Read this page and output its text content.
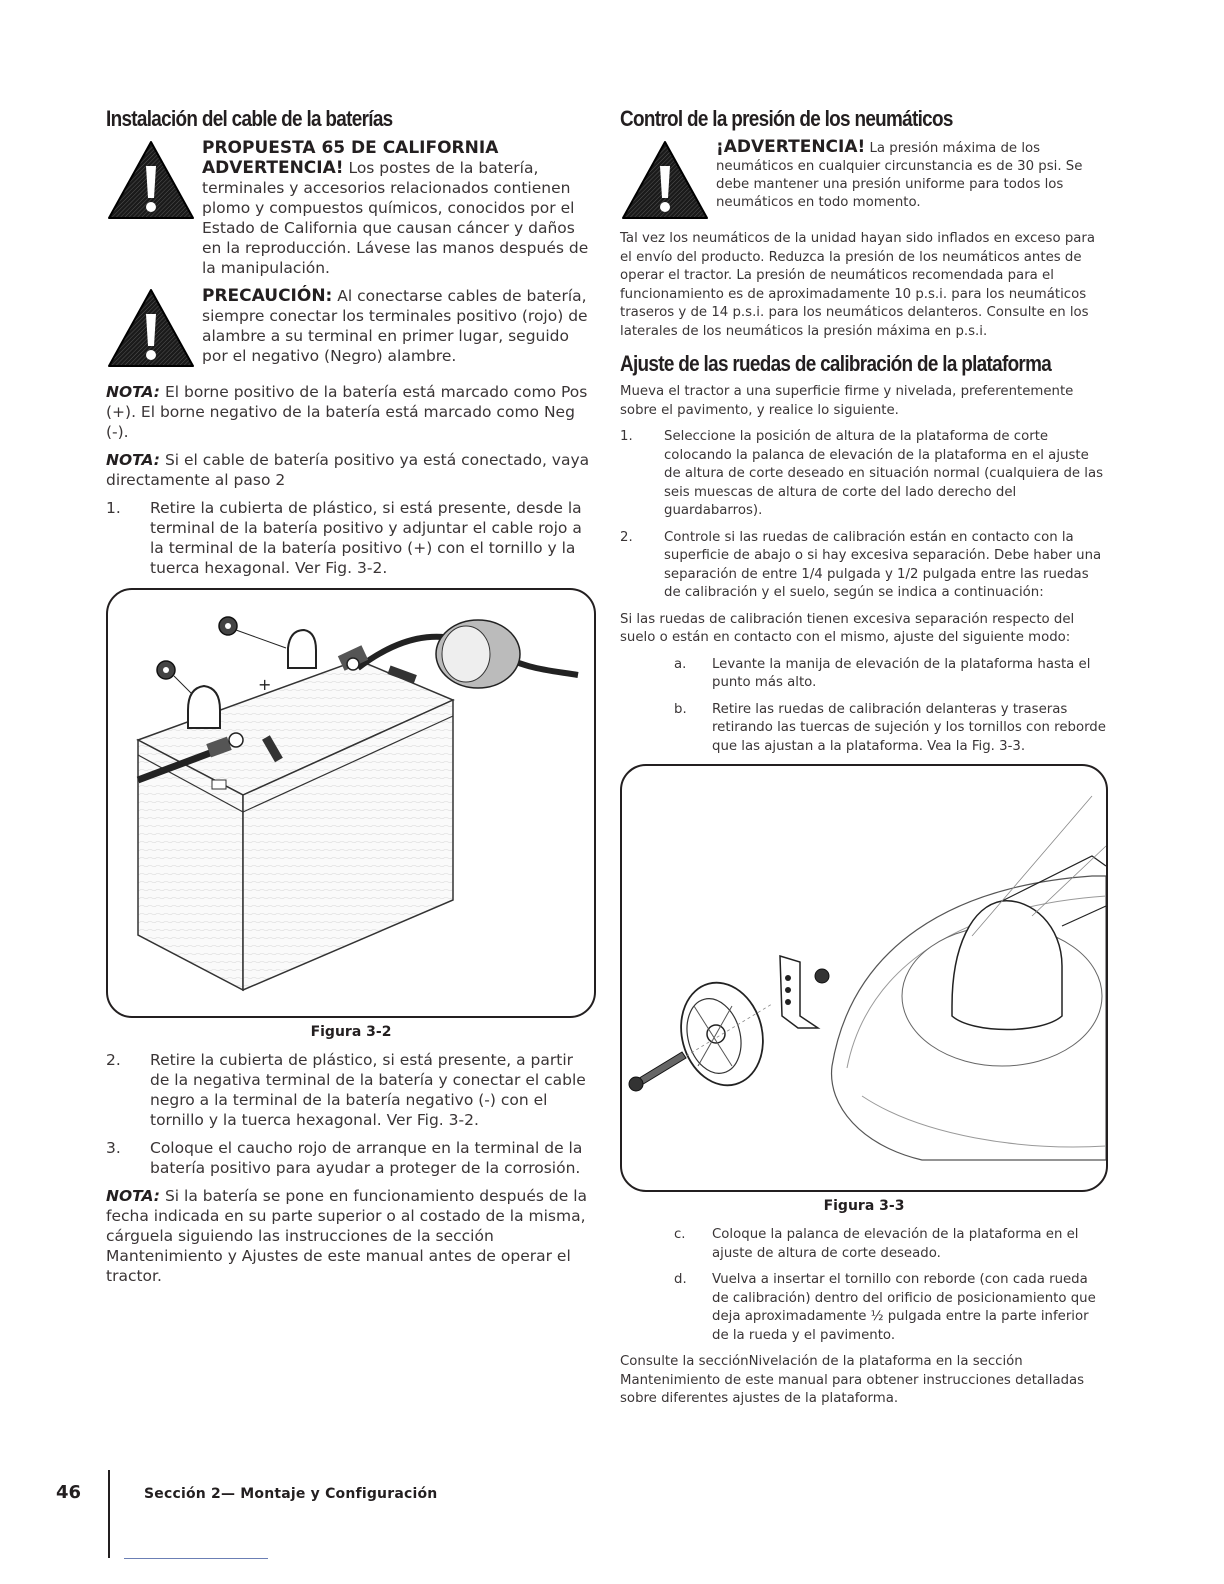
Instalación del cable de la baterías
PROPUESTA 65 DE CALIFORNIA
ADVERTENCIA! Los postes de la batería, terminales y accesorios relacionados contienen plomo y compuestos químicos, conocidos por el Estado de California que causan cáncer y daños en la reproducción. Lávese las manos después de la manipulación.
PRECAUCIÓN: Al conectarse cables de batería, siempre conectar los terminales positivo (rojo) de alambre a su terminal en primer lugar, seguido por el negativo (Negro) alambre.

NOTA: El borne positivo de la batería está marcado como Pos (+). El borne negativo de la batería está marcado como Neg (-).

NOTA: Si el cable de batería positivo ya está conectado, vaya directamente al paso 2

1.	Retire la cubierta de plástico, si está presente, desde la terminal de la batería positivo y adjuntar el cable rojo a la terminal de la batería positivo (+) con el tornillo y la tuerca hexagonal. Ver Fig. 3-2.
+
Figura 3-2
2.	Retire la cubierta de plástico, si está presente, a partir de la negativa terminal de la batería y conectar el cable negro a la terminal de la batería negativo (-) con el tornillo y la tuerca hexagonal. Ver Fig. 3-2.
3.	Coloque el caucho rojo de arranque en la terminal de la batería positivo para ayudar a proteger de la corrosión.

NOTA: Si la batería se pone en funcionamiento después de la fecha indicada en su parte superior o al costado de la misma, cárguela siguiendo las instrucciones de la sección Mantenimiento y Ajustes de este manual antes de operar el tractor.

Control de la presión de los neumáticos
¡ADVERTENCIA! La presión máxima de los neumáticos en cualquier circunstancia es de 30 psi. Se debe mantener una presión uniforme para todos los neumáticos en todo momento.

Tal vez los neumáticos de la unidad hayan sido inflados en exceso para el envío del producto. Reduzca la presión de los neumáticos antes de operar el tractor. La presión de neumáticos recomendada para el funcionamiento es de aproximadamente 10 p.s.i. para los neumáticos traseros y de 14 p.s.i. para los neumáticos delanteros. Consulte en los laterales de los neumáticos la presión máxima en p.s.i.

Ajuste de las ruedas de calibración de la plataforma

Mueva el tractor a una superficie firme y nivelada, preferentemente sobre el pavimento, y realice lo siguiente.

1.	Seleccione la posición de altura de la plataforma de corte colocando la palanca de elevación de la plataforma en el ajuste de altura de corte deseado en situación normal (cualquiera de las seis muescas de altura de corte del lado derecho del guardabarros).
2.	Controle si las ruedas de calibración están en contacto con la superficie de abajo o si hay excesiva separación. Debe haber una separación de entre 1/4 pulgada y 1/2 pulgada entre las ruedas de calibración y el suelo, según se indica a continuación:

Si las ruedas de calibración tienen excesiva separación respecto del suelo o están en contacto con el mismo, ajuste del siguiente modo:

a.	Levante la manija de elevación de la plataforma hasta el punto más alto.
b.	Retire las ruedas de calibración delanteras y traseras retirando las tuercas de sujeción y los tornillos con reborde que las ajustan a la plataforma. Vea la Fig. 3-3.
Figura 3-3
c.	Coloque la palanca de elevación de la plataforma en el ajuste de altura de corte deseado.
d.	Vuelva a insertar el tornillo con reborde (con cada rueda de calibración) dentro del orificio de posicionamiento que deja aproximadamente ½ pulgada entre la parte inferior de la rueda y el pavimento.

Consulte la secciónNivelación de la plataforma en la sección Mantenimiento de este manual para obtener instrucciones detalladas sobre diferentes ajustes de la plataforma.

46	Sección 2— Montaje y Configuración
